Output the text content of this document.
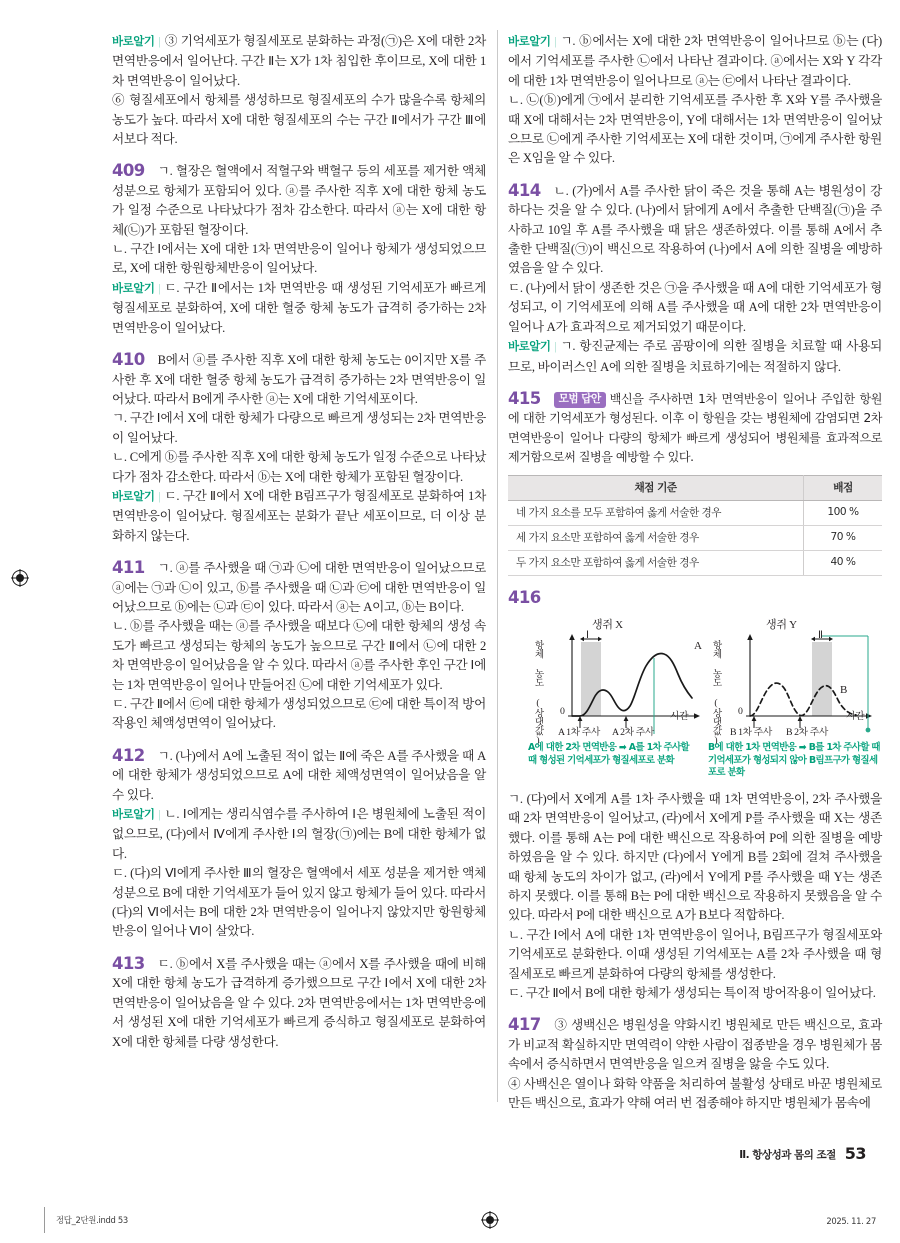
바로알기 | ③ 기억세포가 형질세포로 분화하는 과정(㉠)은 X에 대한 2차 면역반응에서 일어난다. 구간 Ⅱ는 X가 1차 침입한 후이므로, X에 대한 1차 면역반응이 일어났다.

⑥ 형질세포에서 항체를 생성하므로 형질세포의 수가 많을수록 항체의 농도가 높다. 따라서 X에 대한 형질세포의 수는 구간 Ⅱ에서가 구간 Ⅲ에서보다 적다.

409 ㄱ. 혈장은 혈액에서 적혈구와 백혈구 등의 세포를 제거한 액체 성분으로 항체가 포함되어 있다. ⓐ를 주사한 직후 X에 대한 항체 농도가 일정 수준으로 나타났다가 점차 감소한다. 따라서 ⓐ는 X에 대한 항체(㉡)가 포함된 혈장이다.

ㄴ. 구간 Ⅰ에서는 X에 대한 1차 면역반응이 일어나 항체가 생성되었으므로, X에 대한 항원항체반응이 일어났다.

바로알기 | ㄷ. 구간 Ⅱ에서는 1차 면역반응 때 생성된 기억세포가 빠르게 형질세포로 분화하여, X에 대한 혈중 항체 농도가 급격히 증가하는 2차 면역반응이 일어났다.

410 B에서 ⓐ를 주사한 직후 X에 대한 항체 농도는 0이지만 X를 주사한 후 X에 대한 혈중 항체 농도가 급격히 증가하는 2차 면역반응이 일어났다. 따라서 B에게 주사한 ⓐ는 X에 대한 기억세포이다.

ㄱ. 구간 Ⅰ에서 X에 대한 항체가 다량으로 빠르게 생성되는 2차 면역반응이 일어났다.

ㄴ. C에게 ⓑ를 주사한 직후 X에 대한 항체 농도가 일정 수준으로 나타났다가 점차 감소한다. 따라서 ⓑ는 X에 대한 항체가 포함된 혈장이다.

바로알기 | ㄷ. 구간 Ⅱ에서 X에 대한 B림프구가 형질세포로 분화하여 1차 면역반응이 일어났다. 형질세포는 분화가 끝난 세포이므로, 더 이상 분화하지 않는다.

411 ㄱ. ⓐ를 주사했을 때 ㉠과 ㉡에 대한 면역반응이 일어났으므로 ⓐ에는 ㉠과 ㉡이 있고, ⓑ를 주사했을 때 ㉡과 ㉢에 대한 면역반응이 일어났으므로 ⓑ에는 ㉡과 ㉢이 있다. 따라서 ⓐ는 A이고, ⓑ는 B이다.

ㄴ. ⓑ를 주사했을 때는 ⓐ를 주사했을 때보다 ㉡에 대한 항체의 생성 속도가 빠르고 생성되는 항체의 농도가 높으므로 구간 Ⅱ에서 ㉡에 대한 2차 면역반응이 일어났음을 알 수 있다. 따라서 ⓐ를 주사한 후인 구간 Ⅰ에는 1차 면역반응이 일어나 만들어진 ㉡에 대한 기억세포가 있다.

ㄷ. 구간 Ⅱ에서 ㉢에 대한 항체가 생성되었으므로 ㉢에 대한 특이적 방어작용인 체액성면역이 일어났다.

412 ㄱ. (나)에서 A에 노출된 적이 없는 Ⅱ에 죽은 A를 주사했을 때 A에 대한 항체가 생성되었으므로 A에 대한 체액성면역이 일어났음을 알 수 있다.

바로알기 | ㄴ. Ⅰ에게는 생리식염수를 주사하여 Ⅰ은 병원체에 노출된 적이 없으므로, (다)에서 Ⅳ에게 주사한 Ⅰ의 혈장(㉠)에는 B에 대한 항체가 없다.

ㄷ. (다)의 Ⅵ에게 주사한 Ⅲ의 혈장은 혈액에서 세포 성분을 제거한 액체 성분으로 B에 대한 기억세포가 들어 있지 않고 항체가 들어 있다. 따라서 (다)의 Ⅵ에서는 B에 대한 2차 면역반응이 일어나지 않았지만 항원항체반응이 일어나 Ⅵ이 살았다.

413 ㄷ. ⓑ에서 X를 주사했을 때는 ⓐ에서 X를 주사했을 때에 비해 X에 대한 항체 농도가 급격하게 증가했으므로 구간 Ⅰ에서 X에 대한 2차 면역반응이 일어났음을 알 수 있다. 2차 면역반응에서는 1차 면역반응에서 생성된 X에 대한 기억세포가 빠르게 증식하고 형질세포로 분화하여 X에 대한 항체를 다량 생성한다.

바로알기 | ㄱ. ⓑ에서는 X에 대한 2차 면역반응이 일어나므로 ⓑ는 (다)에서 기억세포를 주사한 ㉡에서 나타난 결과이다. ⓐ에서는 X와 Y 각각에 대한 1차 면역반응이 일어나므로 ⓐ는 ㉢에서 나타난 결과이다.

ㄴ. ㉡(ⓑ)에게 ㉠에서 분리한 기억세포를 주사한 후 X와 Y를 주사했을 때 X에 대해서는 2차 면역반응이, Y에 대해서는 1차 면역반응이 일어났으므로 ㉡에게 주사한 기억세포는 X에 대한 것이며, ㉠에게 주사한 항원은 X임을 알 수 있다.

414 ㄴ. (가)에서 A를 주사한 닭이 죽은 것을 통해 A는 병원성이 강하다는 것을 알 수 있다. (나)에서 닭에게 A에서 추출한 단백질(㉠)을 주사하고 10일 후 A를 주사했을 때 닭은 생존하였다. 이를 통해 A에서 추출한 단백질(㉠)이 백신으로 작용하여 (나)에서 A에 의한 질병을 예방하였음을 알 수 있다.

ㄷ. (나)에서 닭이 생존한 것은 ㉠을 주사했을 때 A에 대한 기억세포가 형성되고, 이 기억세포에 의해 A를 주사했을 때 A에 대한 2차 면역반응이 일어나 A가 효과적으로 제거되었기 때문이다.

바로알기 | ㄱ. 항진균제는 주로 곰팡이에 의한 질병을 치료할 때 사용되므로, 바이러스인 A에 의한 질병을 치료하기에는 적절하지 않다.

415 모범 답안 백신을 주사하면 1차 면역반응이 일어나 주입한 항원에 대한 기억세포가 형성된다. 이후 이 항원을 갖는 병원체에 감염되면 2차 면역반응이 일어나 다량의 항체가 빠르게 생성되어 병원체를 효과적으로 제거함으로써 질병을 예방할 수 있다.

채점 기준	배점
네 가지 요소를 모두 포함하여 옳게 서술한 경우	100 %
세 가지 요소만 포함하여 옳게 서술한 경우	70 %
두 가지 요소만 포함하여 옳게 서술한 경우	40 %

416

생쥐 X	생쥐 Y
항체 농도 (상댓값)	항체 농도 (상댓값)
0
Ⅰ
A
시간
A 1차 주사 A 2차 주사
0
Ⅱ
B
시간
B 1차 주사 B 2차 주사
A에 대한 2차 면역반응 ➡ A를 1차 주사할 때 형성된 기억세포가 형질세포로 분화
B에 대한 1차 면역반응 ➡ B를 1차 주사할 때 기억세포가 형성되지 않아 B림프구가 형질세포로 분화

ㄱ. (다)에서 X에게 A를 1차 주사했을 때 1차 면역반응이, 2차 주사했을 때 2차 면역반응이 일어났고, (라)에서 X에게 P를 주사했을 때 X는 생존했다. 이를 통해 A는 P에 대한 백신으로 작용하여 P에 의한 질병을 예방하였음을 알 수 있다. 하지만 (다)에서 Y에게 B를 2회에 걸쳐 주사했을 때 항체 농도의 차이가 없고, (라)에서 Y에게 P를 주사했을 때 Y는 생존하지 못했다. 이를 통해 B는 P에 대한 백신으로 작용하지 못했음을 알 수 있다. 따라서 P에 대한 백신으로 A가 B보다 적합하다.

ㄴ. 구간 Ⅰ에서 A에 대한 1차 면역반응이 일어나, B림프구가 형질세포와 기억세포로 분화한다. 이때 생성된 기억세포는 A를 2차 주사했을 때 형질세포로 빠르게 분화하여 다량의 항체를 생성한다.

ㄷ. 구간 Ⅱ에서 B에 대한 항체가 생성되는 특이적 방어작용이 일어났다.

417 ③ 생백신은 병원성을 약화시킨 병원체로 만든 백신으로, 효과가 비교적 확실하지만 면역력이 약한 사람이 접종받을 경우 병원체가 몸속에서 증식하면서 면역반응을 일으켜 질병을 앓을 수도 있다.

④ 사백신은 열이나 화학 약품을 처리하여 불활성 상태로 바꾼 병원체로 만든 백신으로, 효과가 약해 여러 번 접종해야 하지만 병원체가 몸속에

Ⅱ. 항상성과 몸의 조절 53
정답_2단원.indd 53	2025. 11. 27
